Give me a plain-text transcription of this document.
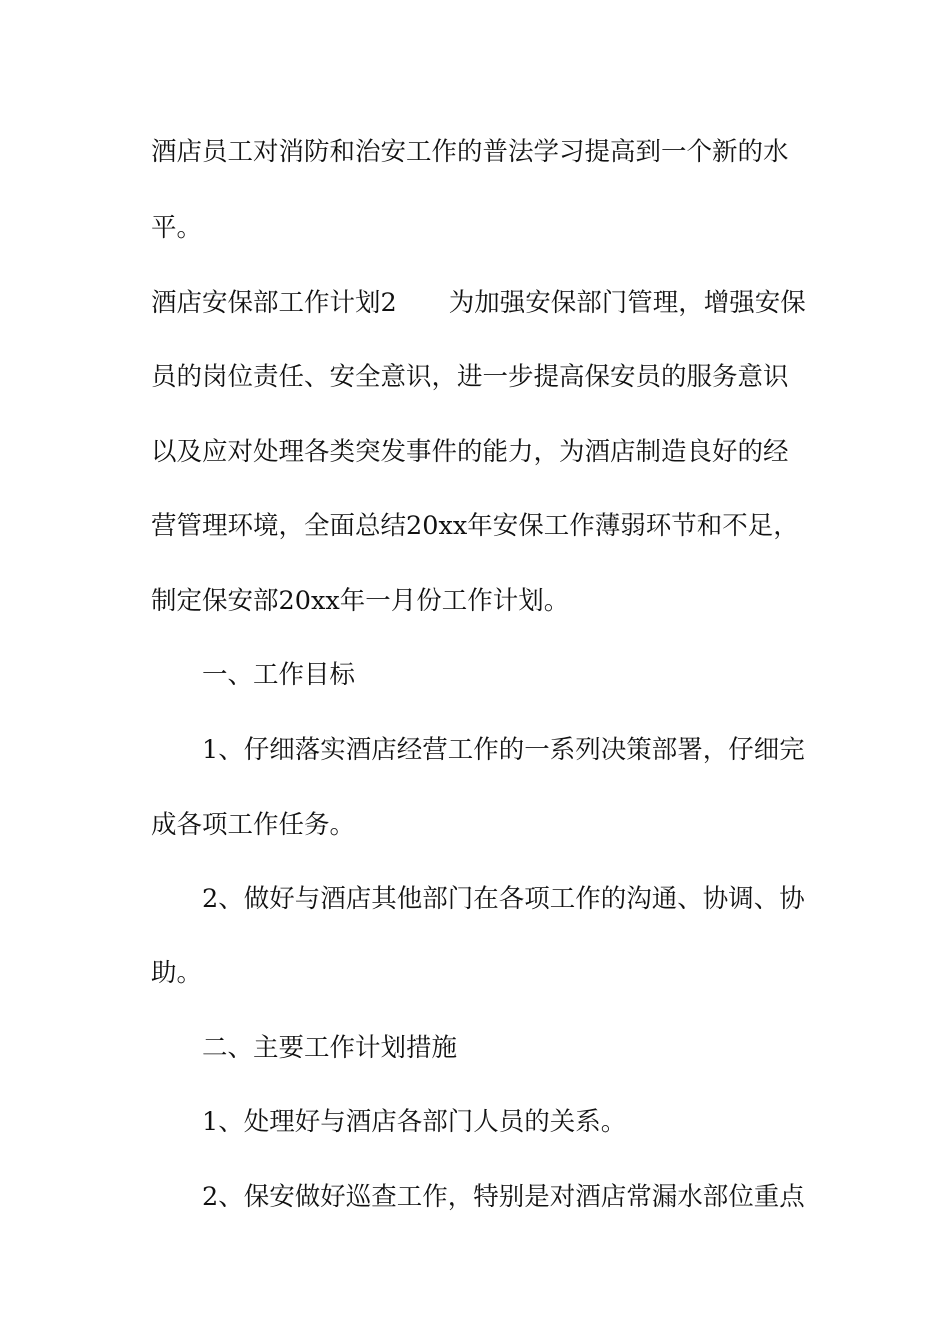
酒店员工对消防和治安工作的普法学习提高到一个新的水

平。

酒店安保部工作计划2 为加强安保部门管理，增强安保

员的岗位责任、安全意识，进一步提高保安员的服务意识

以及应对处理各类突发事件的能力，为酒店制造良好的经

营管理环境，全面总结20xx年安保工作薄弱环节和不足，

制定保安部20xx年一月份工作计划。

一、工作目标

1、仔细落实酒店经营工作的一系列决策部署，仔细完

成各项工作任务。

2、做好与酒店其他部门在各项工作的沟通、协调、协

助。

二、主要工作计划措施

1、处理好与酒店各部门人员的关系。

2、保安做好巡查工作，特别是对酒店常漏水部位重点
